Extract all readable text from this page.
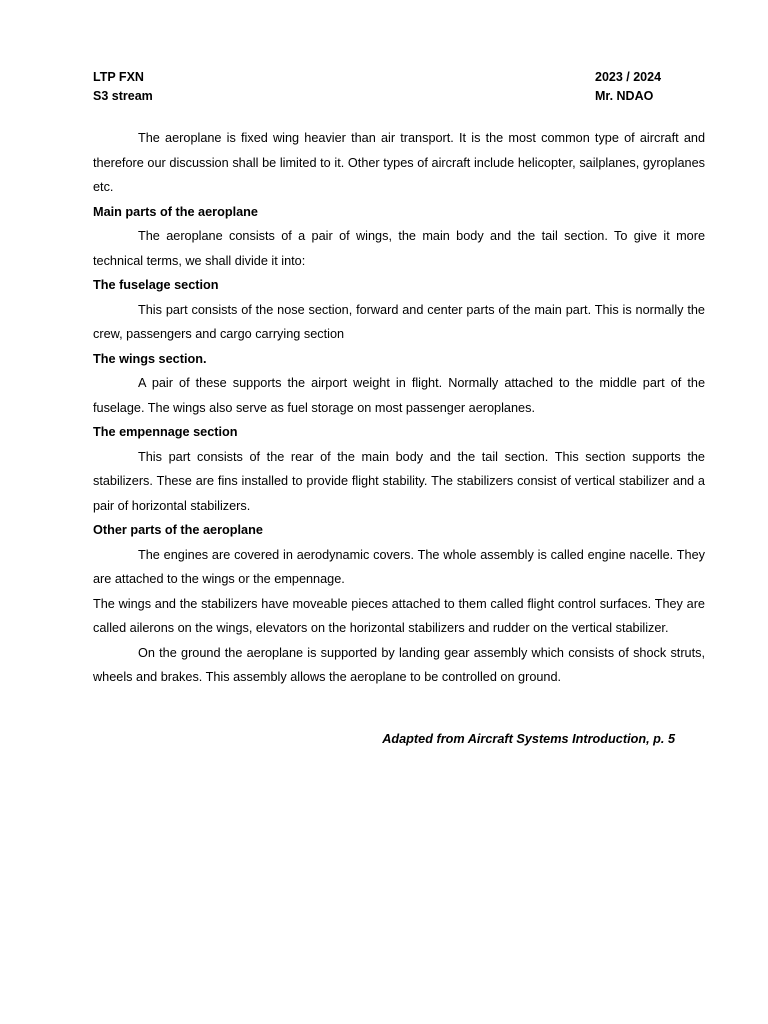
LTP FXN	2023 / 2024
S3 stream	Mr. NDAO

The aeroplane is fixed wing heavier than air transport. It is the most common type of aircraft and therefore our discussion shall be limited to it. Other types of aircraft include helicopter, sailplanes, gyroplanes etc.

Main parts of the aeroplane

The aeroplane consists of a pair of wings, the main body and the tail section. To give it more technical terms, we shall divide it into:

The fuselage section

This part consists of the nose section, forward and center parts of the main part. This is normally the crew, passengers and cargo carrying section

The wings section.

A pair of these supports the airport weight in flight. Normally attached to the middle part of the fuselage. The wings also serve as fuel storage on most passenger aeroplanes.

The empennage section

This part consists of the rear of the main body and the tail section. This section supports the stabilizers. These are fins installed to provide flight stability. The stabilizers consist of vertical stabilizer and a pair of horizontal stabilizers.

Other parts of the aeroplane

The engines are covered in aerodynamic covers. The whole assembly is called engine nacelle. They are attached to the wings or the empennage.

The wings and the stabilizers have moveable pieces attached to them called flight control surfaces. They are called ailerons on the wings, elevators on the horizontal stabilizers and rudder on the vertical stabilizer.

On the ground the aeroplane is supported by landing gear assembly which consists of shock struts, wheels and brakes. This assembly allows the aeroplane to be controlled on ground.

Adapted from Aircraft Systems Introduction, p. 5
